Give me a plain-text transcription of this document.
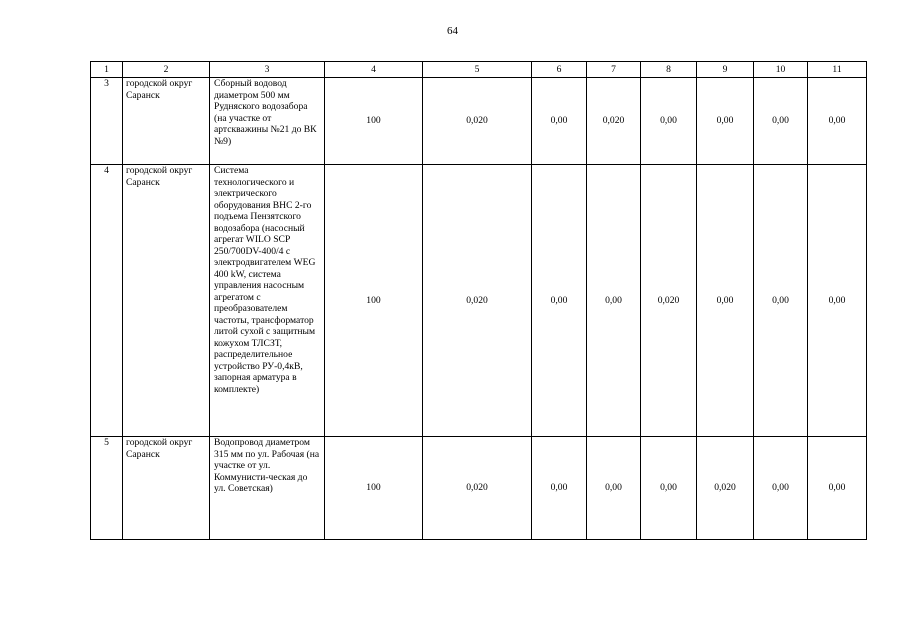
64
1	2	3	4	5	6	7	8	9	10	11
3	городской округ Саранск	Сборный водовод диаметром 500 мм Рудняского водозабора (на участке от артскважины №21 до ВК №9)	100	0,020	0,00	0,020	0,00	0,00	0,00	0,00
4	городской округ Саранск	Система технологического и электрического оборудования ВНС 2-го подъема Пензятского водозабора (насосный агрегат WILO SCP 250/700DV-400/4 с электродвигателем WEG 400 kW, система управления насосным агрегатом с преобразователем частоты, трансформатор литой сухой с защитным кожухом ТЛСЗТ, распределительное устройство РУ-0,4кВ, запорная арматура в комплекте)	100	0,020	0,00	0,00	0,020	0,00	0,00	0,00
5	городской округ Саранск	Водопровод диаметром 315 мм по ул. Рабочая (на участке от ул. Коммунисти-ческая до ул. Советская)	100	0,020	0,00	0,00	0,00	0,020	0,00	0,00
